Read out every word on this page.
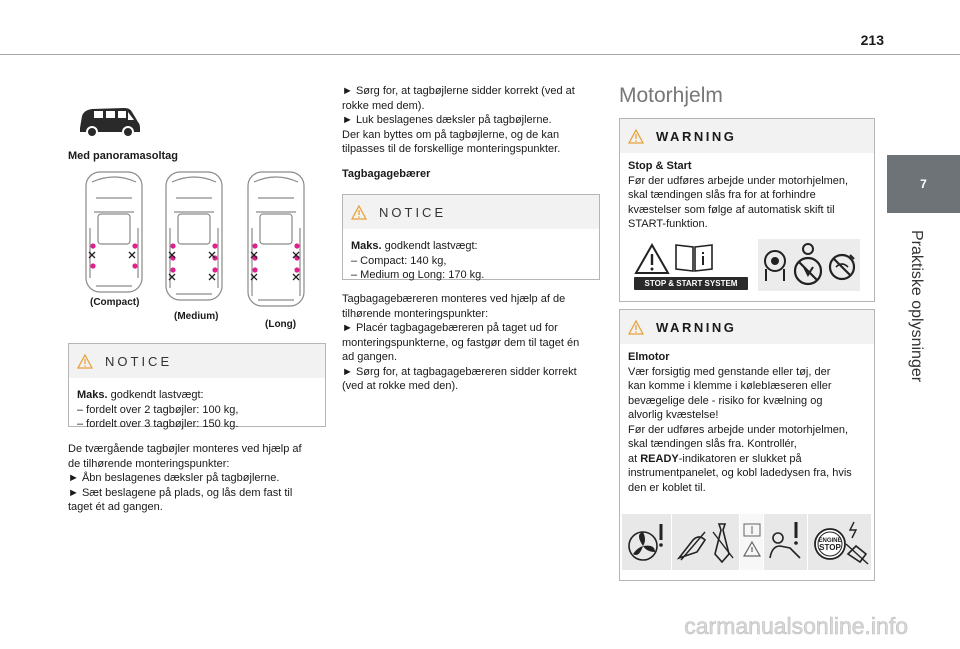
213
7
Praktiske oplysninger
Med panoramasoltag
(Compact)
(Medium)
(Long)
NOTICE
Maks. godkendt lastvægt:
– fordelt over 2 tagbøjler: 100 kg,
– fordelt over 3 tagbøjler: 150 kg.
De tværgående tagbøjler monteres ved hjælp af
de tilhørende monteringspunkter:
► Åbn beslagenes dæksler på tagbøjlerne.
► Sæt beslagene på plads, og lås dem fast til
taget ét ad gangen.
► Sørg for, at tagbøjlerne sidder korrekt (ved at
rokke med dem).
► Luk beslagenes dæksler på tagbøjlerne.
Der kan byttes om på tagbøjlerne, og de kan
tilpasses til de forskellige monteringspunkter.
Tagbagagebærer
NOTICE
Maks. godkendt lastvægt:
– Compact: 140 kg,
– Medium og Long: 170 kg.
Tagbagagebæreren monteres ved hjælp af de
tilhørende monteringspunkter:
► Placér tagbagagebæreren på taget ud for
monteringspunkterne, og fastgør dem til taget én
ad gangen.
► Sørg for, at tagbagagebæreren sidder korrekt
(ved at rokke med den).
Motorhjelm
WARNING
Stop & Start
Før der udføres arbejde under motorhjelmen,
skal tændingen slås fra for at forhindre
kvæstelser som følge af automatisk skift til
START-funktion.
STOP & START SYSTEM
WARNING
Elmotor
Vær forsigtig med genstande eller tøj, der
kan komme i klemme i kølebIæseren eller
bevægelige dele - risiko for kvælning og
alvorlig kvæstelse!
Før der udføres arbejde under motorhjelmen,
skal tændingen slås fra. Kontrollér,
at READY-indikatoren er slukket på
instrumentpanelet, og kobl ladedysen fra, hvis
den er koblet til.
ENGINE
STOP
carmanualsonline.info
